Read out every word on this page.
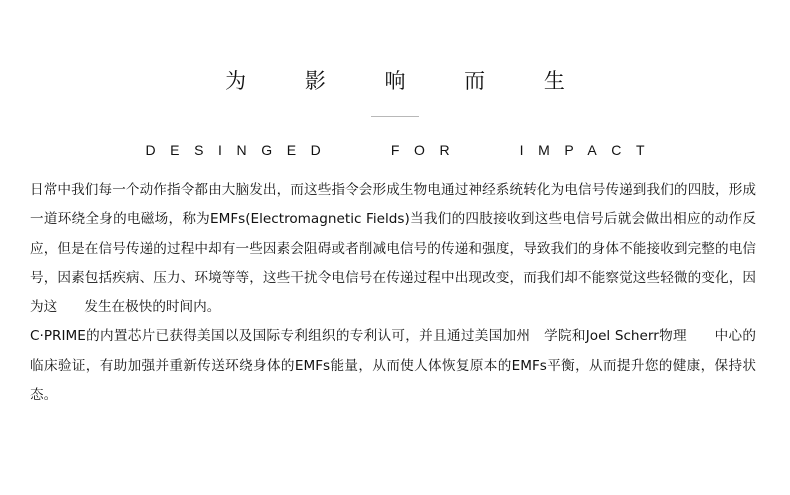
为 影 响 而 生
DESINGED   FOR   IMPACT

日常中我们每一个动作指令都由大脑发出，而这些指令会形成生物电通过神经系统转化为电信号传递到我们的四肢，形成一道环绕全身的电磁场，称为EMFs(Electromagnetic Fields)当我们的四肢接收到这些电信号后就会做出相应的动作反应，但是在信号传递的过程中却有一些因素会阻碍或者削减电信号的传递和强度，导致我们的身体不能接收到完整的电信号，因素包括疾病、压力、环境等等，这些干扰令电信号在传递过程中出现改变，而我们却不能察觉这些轻微的变化，因为这　　发生在极快的时间内。

C·PRIME的内置芯片已获得美国以及国际专利组织的专利认可，并且通过美国加州　学院和Joel Scherr物理　　中心的临床验证，有助加强并重新传送环绕身体的EMFs能量，从而使人体恢复原本的EMFs平衡，从而提升您的健康，保持状态。
